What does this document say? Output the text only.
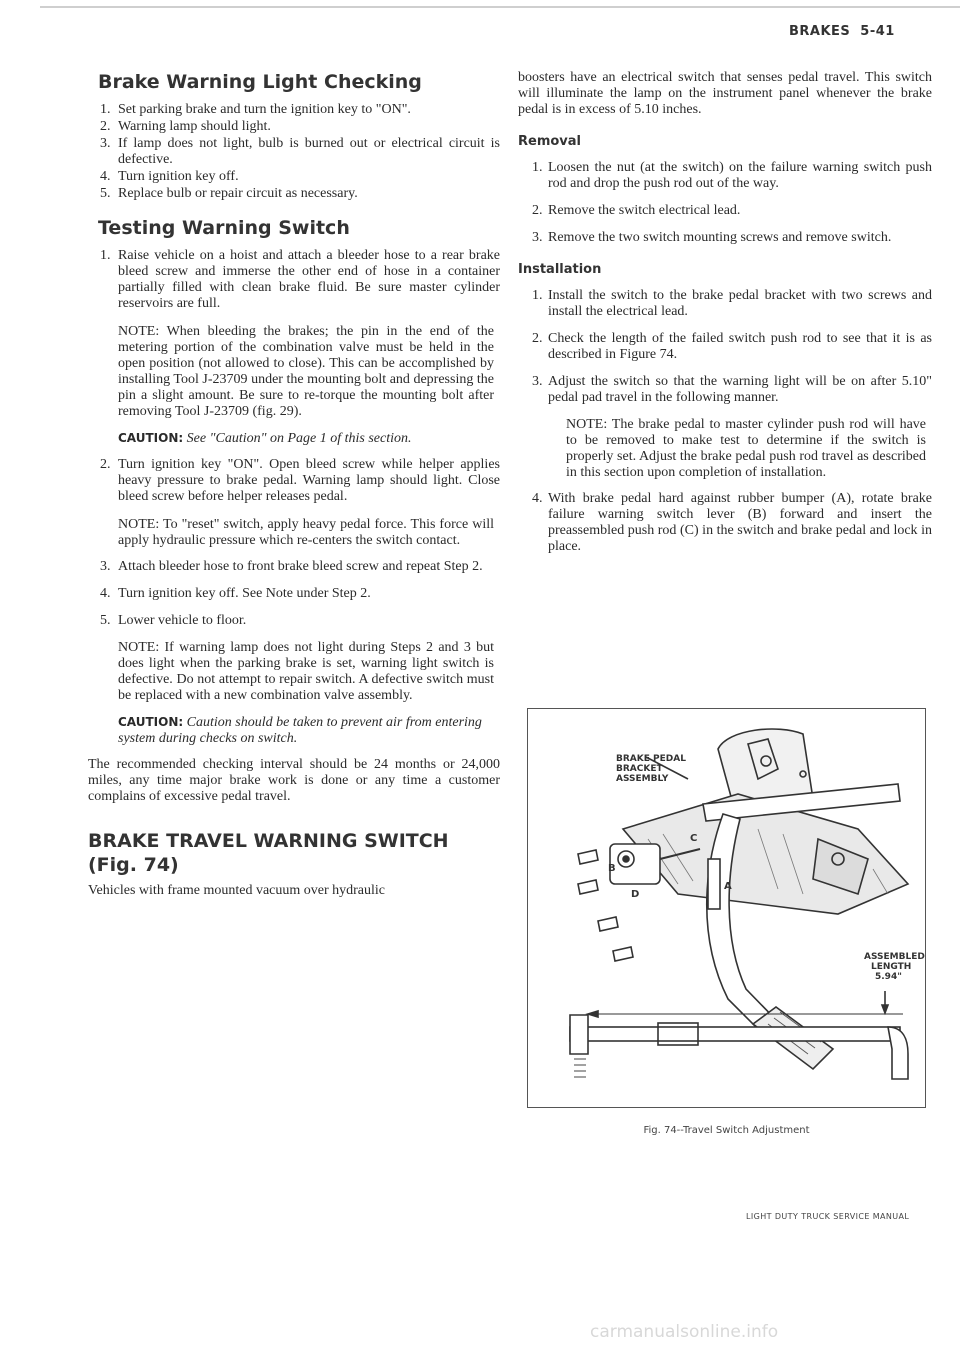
BRAKES 5-41
Brake Warning Light Checking
1. Set parking brake and turn the ignition key to "ON".
2. Warning lamp should light.
3. If lamp does not light, bulb is burned out or electrical circuit is defective.
4. Turn ignition key off.
5. Replace bulb or repair circuit as necessary.
Testing Warning Switch
1. Raise vehicle on a hoist and attach a bleeder hose to a rear brake bleed screw and immerse the other end of hose in a container partially filled with clean brake fluid. Be sure master cylinder reservoirs are full.

NOTE: When bleeding the brakes; the pin in the end of the metering portion of the combination valve must be held in the open position (not allowed to close). This can be accomplished by installing Tool J-23709 under the mounting bolt and depressing the pin a slight amount. Be sure to re-torque the mounting bolt after removing Tool J-23709 (fig. 29).

CAUTION: See "Caution" on Page 1 of this section.

2. Turn ignition key "ON". Open bleed screw while helper applies heavy pressure to brake pedal. Warning lamp should light. Close bleed screw before helper releases pedal.

NOTE: To "reset" switch, apply heavy pedal force. This force will apply hydraulic pressure which re-centers the switch contact.

3. Attach bleeder hose to front brake bleed screw and repeat Step 2.
4. Turn ignition key off. See Note under Step 2.
5. Lower vehicle to floor.

NOTE: If warning lamp does not light during Steps 2 and 3 but does light when the parking brake is set, warning light switch is defective. Do not attempt to repair switch. A defective switch must be replaced with a new combination valve assembly.

CAUTION: Caution should be taken to prevent air from entering system during checks on switch.

The recommended checking interval should be 24 months or 24,000 miles, any time major brake work is done or any time a customer complains of excessive pedal travel.

BRAKE TRAVEL WARNING SWITCH (Fig. 74)

Vehicles with frame mounted vacuum over hydraulic

boosters have an electrical switch that senses pedal travel. This switch will illuminate the lamp on the instrument panel whenever the brake pedal is in excess of 5.10 inches.

Removal
1. Loosen the nut (at the switch) on the failure warning switch push rod and drop the push rod out of the way.
2. Remove the switch electrical lead.
3. Remove the two switch mounting screws and remove switch.
Installation
1. Install the switch to the brake pedal bracket with two screws and install the electrical lead.
2. Check the length of the failed switch push rod to see that it is as described in Figure 74.
3. Adjust the switch so that the warning light will be on after 5.10" pedal pad travel in the following manner.

NOTE: The brake pedal to master cylinder push rod will have to be removed to make test to determine if the switch is properly set. Adjust the brake pedal push rod travel as described in this section upon completion of installation.

4. With brake pedal hard against rubber bumper (A), rotate brake failure warning switch lever (B) forward and insert the preassembled push rod (C) in the switch and brake pedal and lock in place.
BRAKE PEDAL
BRACKET
ASSEMBLY
A
B
C
D
ASSEMBLED
LENGTH
5.94"
Fig. 74--Travel Switch Adjustment
LIGHT DUTY TRUCK SERVICE MANUAL
carmanualsonline.info
